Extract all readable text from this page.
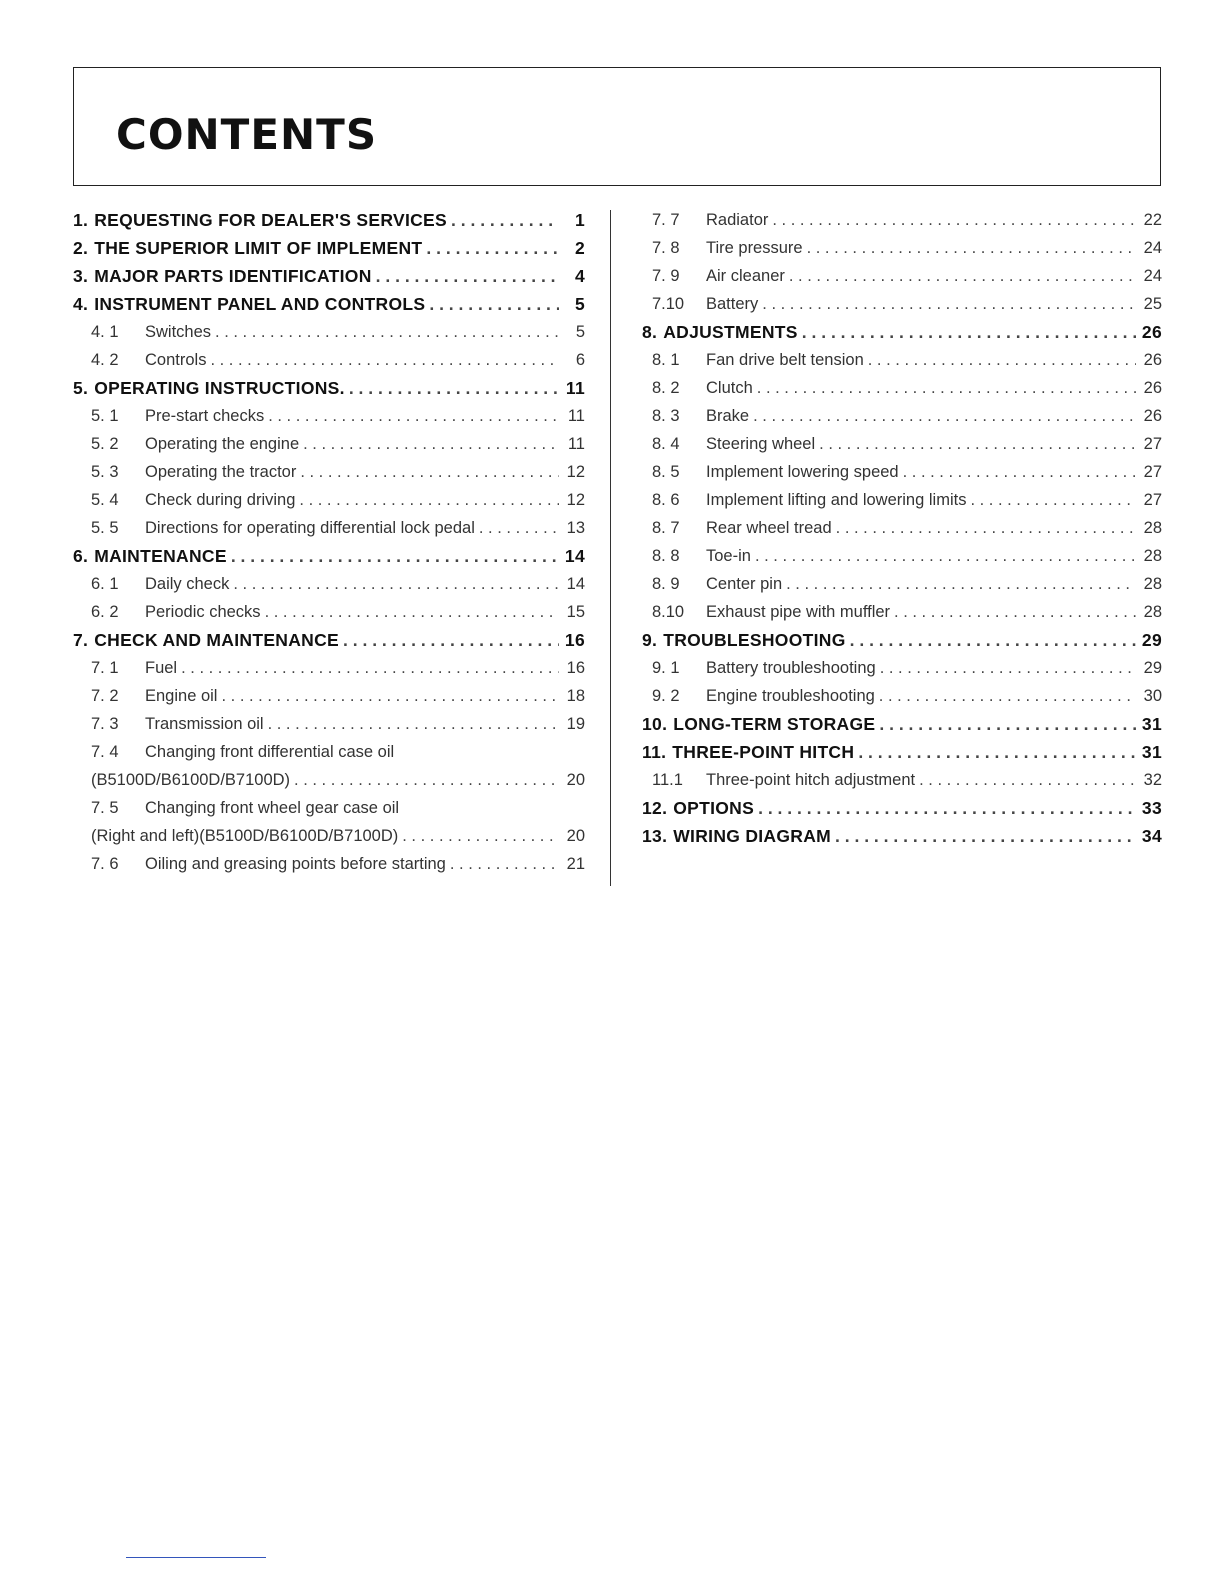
CONTENTS
1. REQUESTING FOR DEALER'S SERVICES . . .	1
2. THE SUPERIOR LIMIT OF IMPLEMENT . . .	2
3. MAJOR PARTS IDENTIFICATION . . .	4
4. INSTRUMENT PANEL AND CONTROLS . . .	5
4. 1	Switches . . .	5
4. 2	Controls . . .	6
5. OPERATING INSTRUCTIONS. . . .	11
5. 1	Pre-start checks . . .	11
5. 2	Operating the engine . . .	11
5. 3	Operating the tractor . . .	12
5. 4	Check during driving . . .	12
5. 5	Directions for operating differential lock pedal . . .	13
6. MAINTENANCE . . .	14
6. 1	Daily check . . .	14
6. 2	Periodic checks . . .	15
7. CHECK AND MAINTENANCE . . .	16
7. 1	Fuel . . .	16
7. 2	Engine oil . . .	18
7. 3	Transmission oil . . .	19
7. 4	Changing front differential case oil
(B5100D/B6100D/B7100D) . . .	20
7. 5	Changing front wheel gear case oil
(Right and left)(B5100D/B6100D/B7100D) . . .	20
7. 6	Oiling and greasing points before starting . . .	21
7. 7	Radiator . . .	22
7. 8	Tire pressure . . .	24
7. 9	Air cleaner . . .	24
7.10	Battery . . .	25
8. ADJUSTMENTS . . .	26
8. 1	Fan drive belt tension . . .	26
8. 2	Clutch . . .	26
8. 3	Brake . . .	26
8. 4	Steering wheel . . .	27
8. 5	Implement lowering speed . . .	27
8. 6	Implement lifting and lowering limits . . .	27
8. 7	Rear wheel tread . . .	28
8. 8	Toe-in . . .	28
8. 9	Center pin . . .	28
8.10	Exhaust pipe with muffler . . .	28
9. TROUBLESHOOTING . . .	29
9. 1	Battery troubleshooting . . .	29
9. 2	Engine troubleshooting . . .	30
10. LONG-TERM STORAGE . . .	31
11. THREE-POINT HITCH . . .	31
11.1	Three-point hitch adjustment . . .	32
12. OPTIONS . . .	33
13. WIRING DIAGRAM . . .	34
